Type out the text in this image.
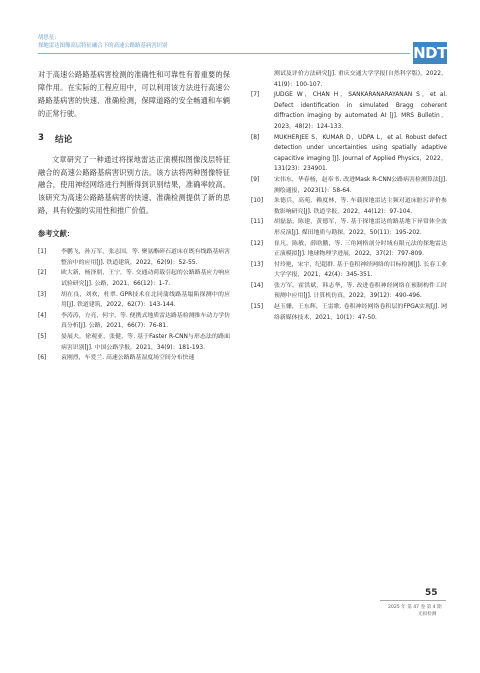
胡思星：
探地雷达图像高层特征融合下的高速公路路基病害识别	NDT

对于高速公路路基病害检测的准确性和可靠性有着重要的保障作用。在实际的工程应用中，可以利用该方法进行高速公路路基病害的快速、准确检测，保障道路的安全畅通和车辆的正常行驶。

3 结论

文章研究了一种通过将探地雷达正演模拟图像浅层特征融合的高速公路路基病害识别方法。该方法将两种图像特征融合，使用神经网络进行判断得到识别结果，准确率较高。该研究为高速公路路基病害的快速、准确检测提供了新的思路，具有较强的实用性和推广价值。

参考文献：
[1]	李鹏飞，孙万军，张志国，等. 聚氨酯碎石道床在既有线路基病害整治中的应用[J]. 铁道建筑，2022，62(9)：52-55.
[2]	欧大新，杨泽朋，王宁，等. 交通动荷载引起的公路路基应力响应试验研究[J]. 公路，2021，66(12)：1-7.
[3]	胡在良，刘欢，杜翠. GPR技术在北同蒲线路基塌陷探测中的应用[J]. 铁道建筑，2022，62(7)：143-144.
[4]	李涛涛，方亮，何宇，等. 便携式地质雷达路基检测推车动力学仿真分析[J]. 公路，2021，66(7)：76-81.
[5]	晏展夫，徐观亚，张健，等. 基于Faster R-CNN与形态法的路面病害识别[J]. 中国公路学报，2021，34(9)：181-193.
[6]	袁刚烈，车爱兰. 高速公路路基湿度场空间分布快速
测试及评价方法研究[J]. 重庆交通大学学报(自然科学版)，2022，41(9)：100-107.
[7]	JUDGE W，CHAN H，SANKARANARAYANAN S，et al. Defect identification in simulated Bragg coherent diffraction imaging by automated AI [J]. MRS Bulletin，2023，48(2)：124-133.
[8]	MUKHERJEE S，KUMAR D，UDPA L，et al. Robust defect detection under uncertainties using spatially adaptive capacitive imaging [J]. Journal of Applied Physics，2022，131(23)：234901.
[9]	宋伟东，华春杨，赵奉书. 改进Mask R-CNN公路病害检测算法[J]. 测绘通报，2023(1)：58-64.
[10]	朱德兵，高苑，赖度林，等. 车载探地雷达主频对道床脏污评价参数影响研究[J]. 铁道学报，2022，44(12)：97-104.
[11]	胡磊磊，陈建，黄德军，等. 基于探地雷达的路基地下异常体全波形反演[J]. 煤田地质与勘探，2022，50(11)：195-202.
[12]	崔凡，陈敏，薛晗鹏，等. 三角网格剖分时域有限元法的探地雷达正演模拟[J]. 地球物理学进展，2022，37(2)：797-809.
[13]	付玲艳，宋宇，纪超群. 基于卷积神经网络的目标检测[J]. 长春工业大学学报，2021，42(4)：345-351.
[14]	张方军，霍洪斌，韩志华，等. 改进卷积神经网络在预制构件工时预测中应用[J]. 计算机仿真，2022，39(12)：490-496.
[15]	赵玉姗，王东辉，王雷歌. 卷积神经网络卷积层的FPGA实现[J]. 网络新媒体技术，2021，10(1)：47-50.
55
2025 年 第 47 卷 第 4 期
无损检测
